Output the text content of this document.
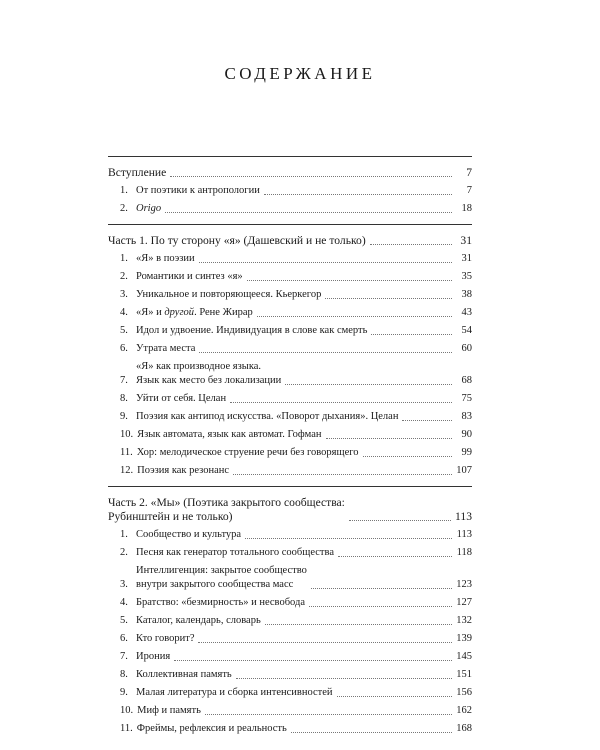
СОДЕРЖАНИЕ
Вступление	7
1. От поэтики к антропологии	7
2. Origo	18
Часть 1. По ту сторону «я» (Дашевский и не только)	31
1. «Я» в поэзии	31
2. Романтики и синтез «я»	35
3. Уникальное и повторяющееся. Кьеркегор	38
4. «Я» и другой. Рене Жирар	43
5. Идол и удвоение. Индивидуация в слове как смерть	54
6. Утрата места	60
7.
«Я» как производное языка.
Язык как место без локализации	68
8. Уйти от себя. Целан	75
9. Поэзия как антипод искусства. «Поворот дыхания». Целан	83
10. Язык автомата, язык как автомат. Гофман	90
11. Хор: мелодическое струение речи без говорящего	99
12. Поэзия как резонанс	107
Часть 2. «Мы» (Поэтика закрытого сообщества:
Рубинштейн и не только)	113
1. Сообщество и культура	113
2. Песня как генератор тотального сообщества	118
3.
Интеллигенция: закрытое сообщество
внутри закрытого сообщества масс	123
4. Братство: «безмирность» и несвобода	127
5. Каталог, календарь, словарь	132
6. Кто говорит?	139
7. Ирония	145
8. Коллективная память	151
9. Малая литература и сборка интенсивностей	156
10. Миф и память	162
11. Фреймы, рефлексия и реальность	168
